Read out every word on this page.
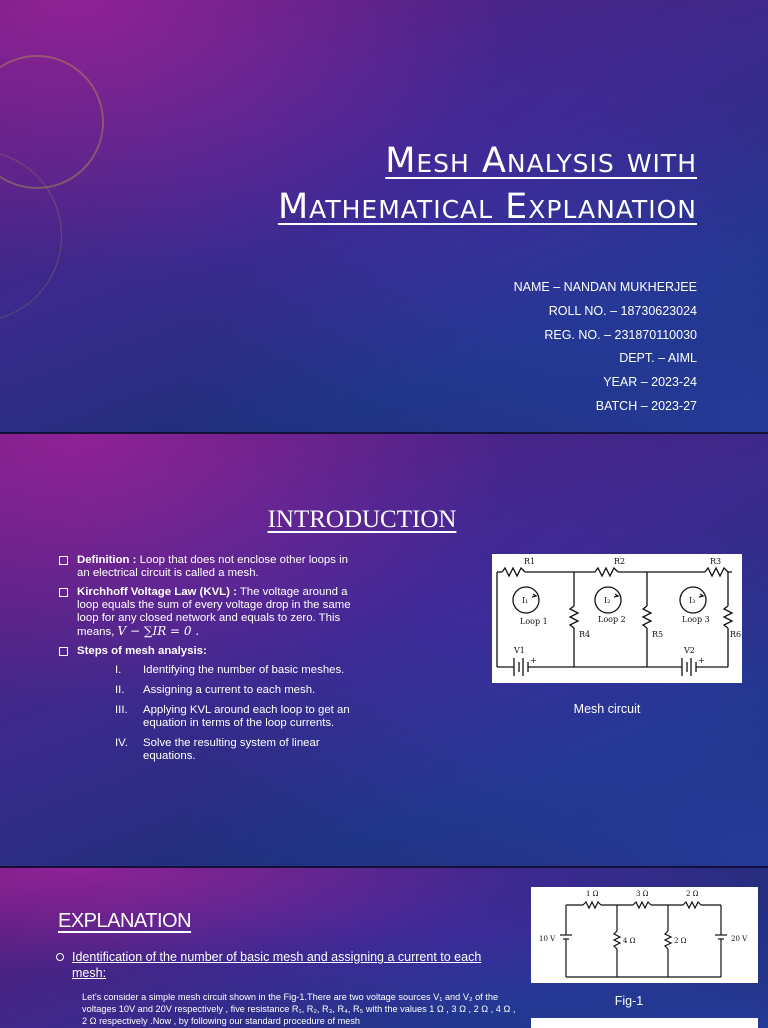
Mesh Analysis with Mathematical Explanation
NAME – NANDAN MUKHERJEE
ROLL NO. – 18730623024
REG. NO. – 231870110030
DEPT. – AIML
YEAR – 2023-24
BATCH – 2023-27
INTRODUCTION
Definition : Loop that does not enclose other loops in an electrical circuit is called a mesh.
Kirchhoff Voltage Law (KVL) : The voltage around a loop equals the sum of every voltage drop in the same loop for any closed network and equals to zero. This means, V − ∑IR = 0 .
Steps of mesh analysis:
I. Identifying the number of basic meshes.
II. Assigning a current to each mesh.
III. Applying KVL around each loop to get an equation in terms of the loop currents.
IV. Solve the resulting system of linear equations.
R1	R2	R3
R4	R5	R6
I₁	I₂	I₃
Loop 1	Loop 2	Loop 3
V1	V2
+	+
Mesh circuit
EXPLANATION
Identification of the number of basic mesh and assigning a current to each mesh:
Let’s consider a simple mesh circuit shown in the Fig-1.There are two voltage sources V₁ and V₂ of the voltages 10V and 20V respectively , five resistance R₁, R₂, R₃, R₄, R₅ with the values 1 Ω , 3 Ω , 2 Ω , 4 Ω , 2 Ω respectively .Now , by following our standard procedure of mesh
1 Ω	3 Ω	2 Ω
4 Ω	2 Ω
10 V	20 V
Fig-1
